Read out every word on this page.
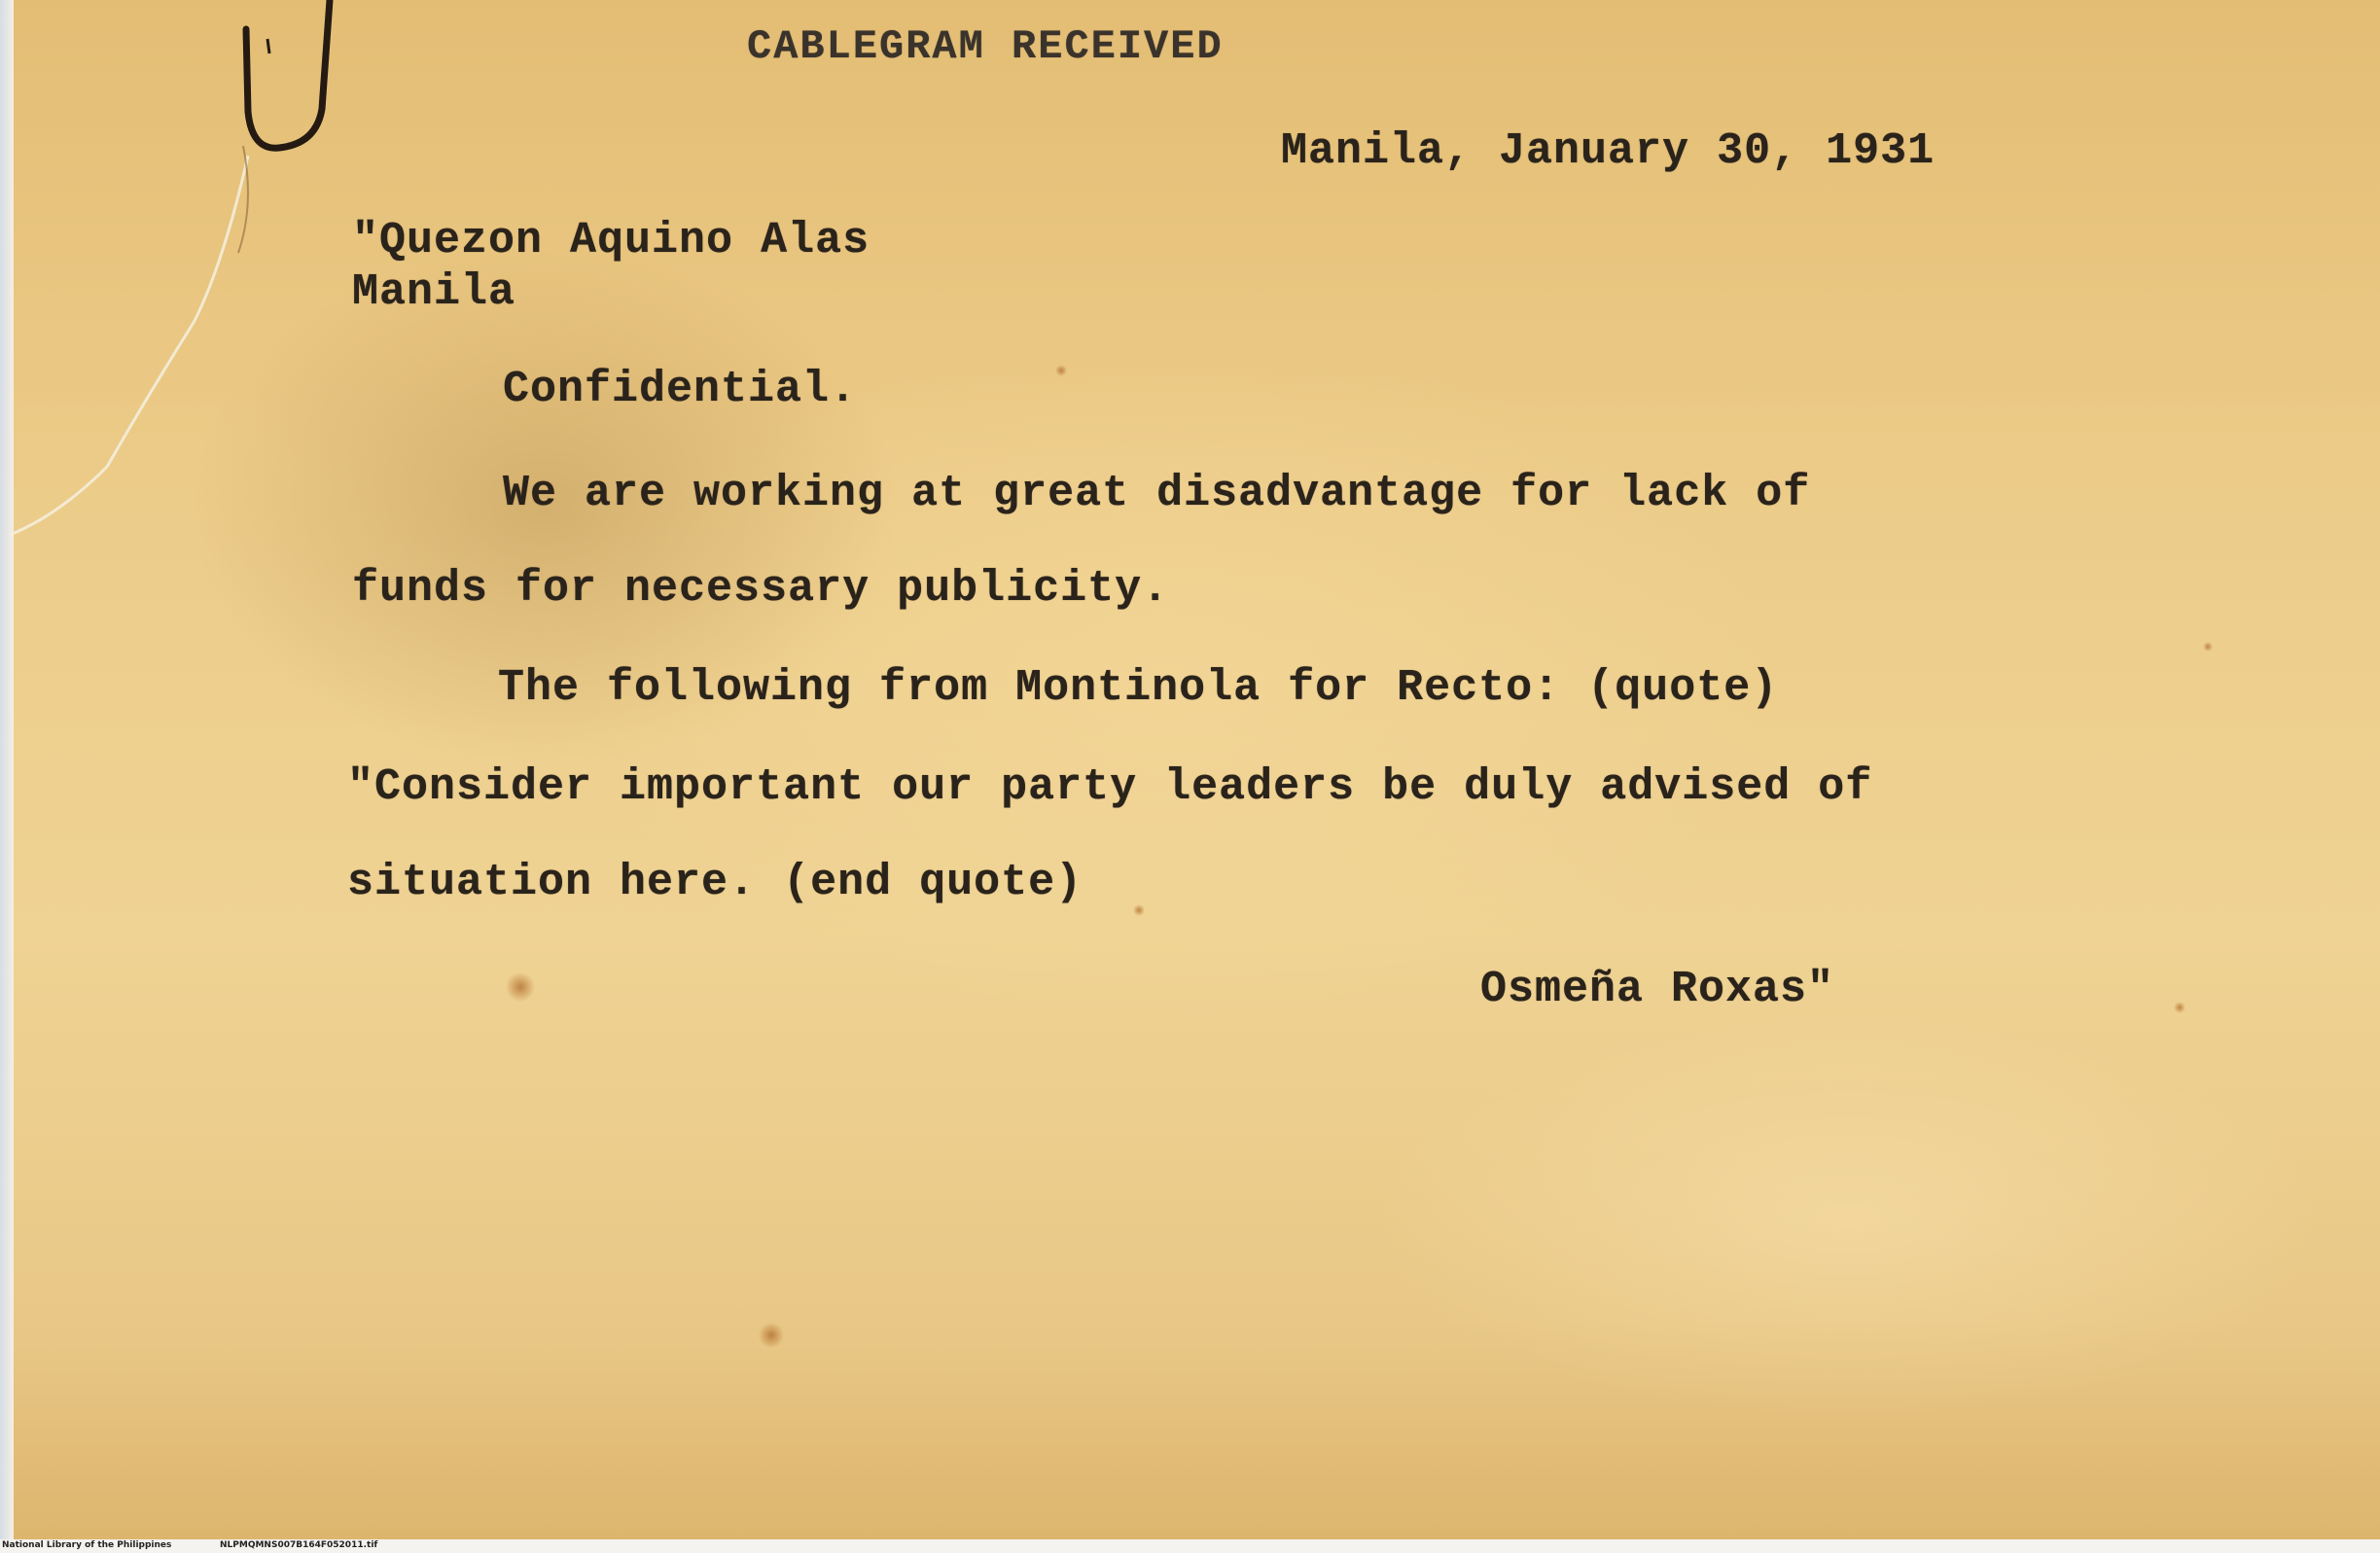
CABLEGRAM RECEIVED
Manila, January 30, 1931
"Quezon Aquino Alas
Manila
Confidential.
We are working at great disadvantage for lack of
funds for necessary publicity.
The following from Montinola for Recto: (quote)
"Consider important our party leaders be duly advised of
situation here. (end quote)
Osmeña Roxas"
National Library of the Philippines	NLPMQMNS007B164F052011.tif
